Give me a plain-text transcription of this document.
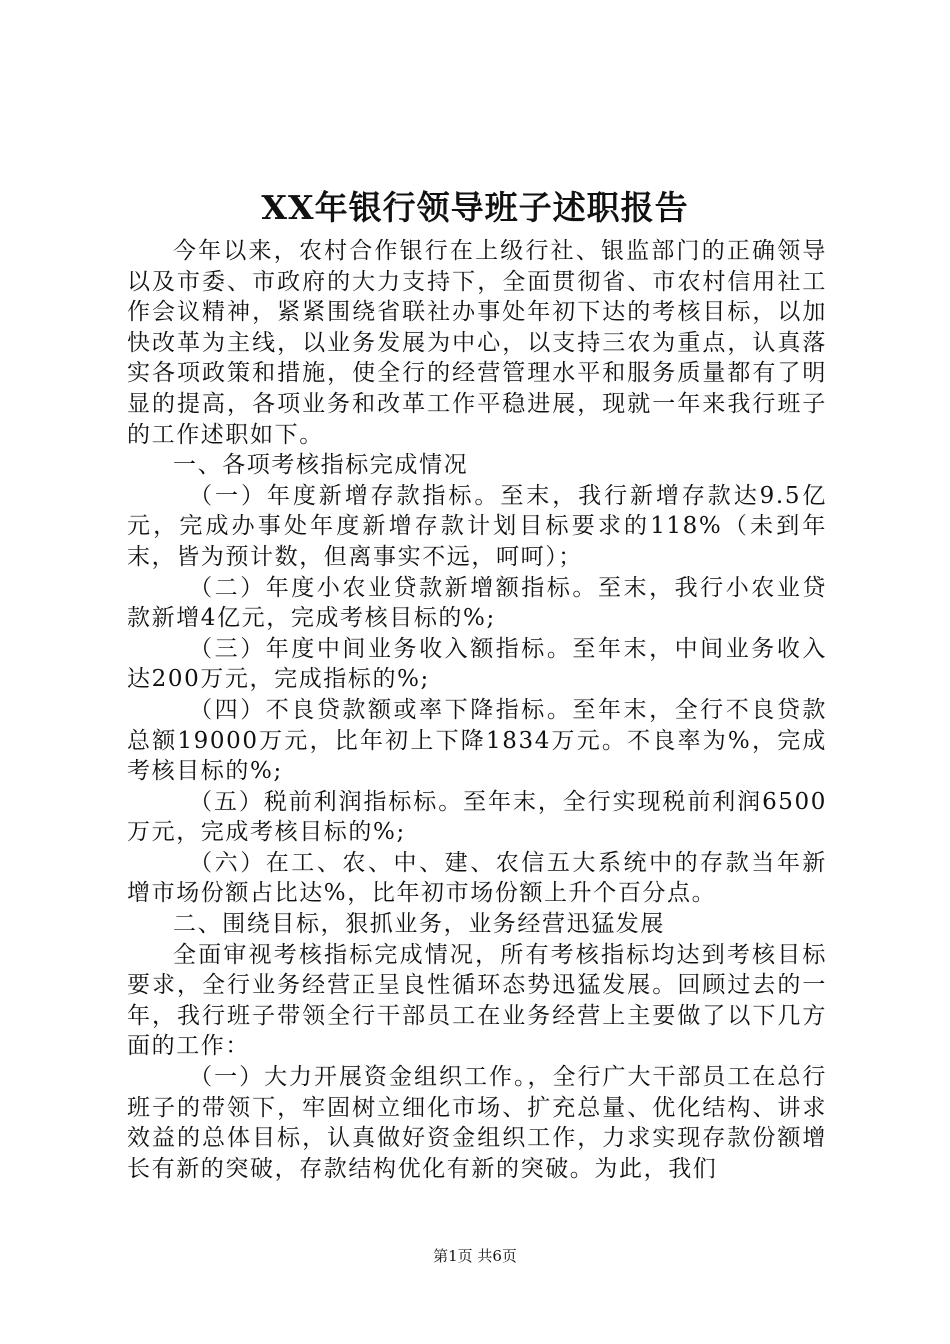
XX年银行领导班子述职报告

今年以来，农村合作银行在上级行社、银监部门的正确领导以及市委、市政府的大力支持下，全面贯彻省、市农村信用社工作会议精神，紧紧围绕省联社办事处年初下达的考核目标，以加快改革为主线，以业务发展为中心，以支持三农为重点，认真落实各项政策和措施，使全行的经营管理水平和服务质量都有了明显的提高，各项业务和改革工作平稳进展，现就一年来我行班子的工作述职如下。

一、各项考核指标完成情况

（一）年度新增存款指标。至末，我行新增存款达9.5亿元，完成办事处年度新增存款计划目标要求的118%（未到年末，皆为预计数，但离事实不远，呵呵）；

（二）年度小农业贷款新增额指标。至末，我行小农业贷款新增4亿元，完成考核目标的%;

（三）年度中间业务收入额指标。至年末，中间业务收入达200万元，完成指标的%;

（四）不良贷款额或率下降指标。至年末，全行不良贷款总额19000万元，比年初上下降1834万元。不良率为%，完成考核目标的%;

（五）税前利润指标标。至年末，全行实现税前利润6500万元，完成考核目标的%;

（六）在工、农、中、建、农信五大系统中的存款当年新增市场份额占比达%，比年初市场份额上升个百分点。

二、围绕目标，狠抓业务，业务经营迅猛发展

全面审视考核指标完成情况，所有考核指标均达到考核目标要求，全行业务经营正呈良性循环态势迅猛发展。回顾过去的一年，我行班子带领全行干部员工在业务经营上主要做了以下几方面的工作：

（一）大力开展资金组织工作。，全行广大干部员工在总行班子的带领下，牢固树立细化市场、扩充总量、优化结构、讲求效益的总体目标，认真做好资金组织工作，力求实现存款份额增长有新的突破，存款结构优化有新的突破。为此，我们

第1页 共6页
